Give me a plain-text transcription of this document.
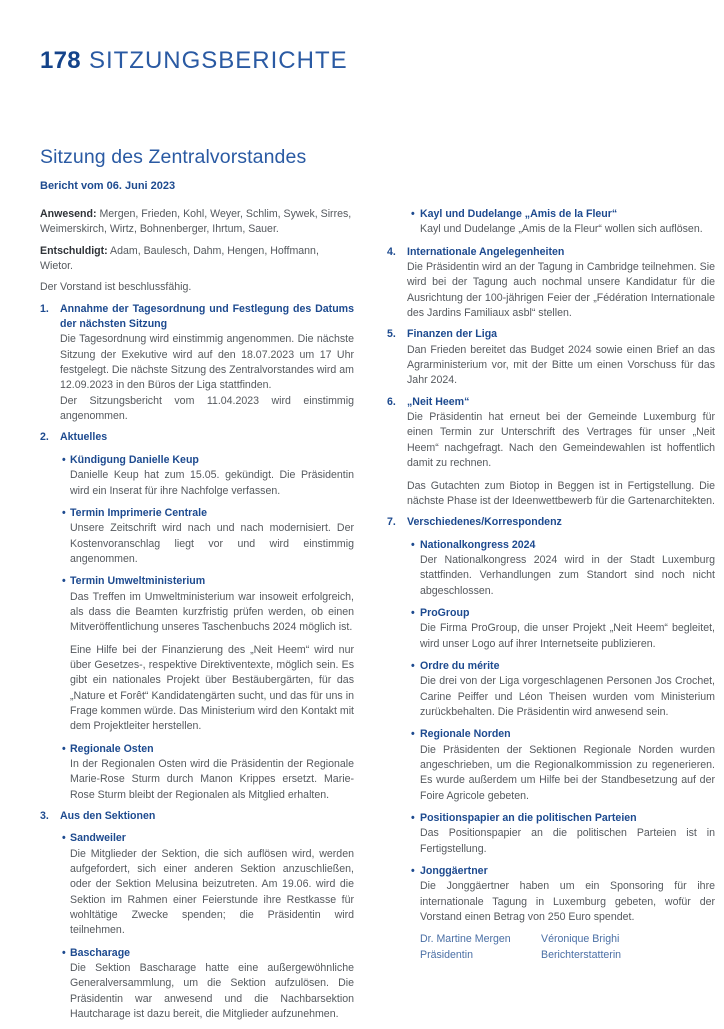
178 SITZUNGSBERICHTE
Sitzung des Zentralvorstandes
Bericht vom 06. Juni 2023

Anwesend: Mergen, Frieden, Kohl, Weyer, Schlim, Sywek, Sirres, Weimerskirch, Wirtz, Bohnenberger, Ihrtum, Sauer.

Entschuldigt: Adam, Baulesch, Dahm, Hengen, Hoffmann, Wietor.

Der Vorstand ist beschlussfähig.

1.	Annahme der Tagesordnung und Festlegung des Datums der nächsten Sitzung
Die Tagesordnung wird einstimmig angenommen. Die nächste Sitzung der Exekutive wird auf den 18.07.2023 um 17 Uhr festgelegt. Die nächste Sitzung des Zentralvorstandes wird am 12.09.2023 in den Büros der Liga stattfinden.
Der Sitzungsbericht vom 11.04.2023 wird einstimmig angenommen.
2.	Aktuelles
• Kündigung Danielle Keup
Danielle Keup hat zum 15.05. gekündigt. Die Präsidentin wird ein Inserat für ihre Nachfolge verfassen.
• Termin Imprimerie Centrale
Unsere Zeitschrift wird nach und nach modernisiert. Der Kostenvoranschlag liegt vor und wird einstimmig angenommen.
• Termin Umweltministerium
Das Treffen im Umweltministerium war insoweit erfolgreich, als dass die Beamten kurzfristig prüfen werden, ob einen Mitveröffentlichung unseres Taschenbuchs 2024 möglich ist.
Eine Hilfe bei der Finanzierung des „Neit Heem“ wird nur über Gesetzes-, respektive Direktiventexte, möglich sein. Es gibt ein nationales Projekt über Bestäubergärten, für das „Nature et Forêt“ Kandidatengärten sucht, und das für uns in Frage kommen würde. Das Ministerium wird den Kontakt mit dem Projektleiter herstellen.
• Regionale Osten
In der Regionalen Osten wird die Präsidentin der Regionale Marie-Rose Sturm durch Manon Krippes ersetzt. Marie-Rose Sturm bleibt der Regionalen als Mitglied erhalten.
3.	Aus den Sektionen
• Sandweiler
Die Mitglieder der Sektion, die sich auflösen wird, werden aufgefordert, sich einer anderen Sektion anzuschließen, oder der Sektion Melusina beizutreten. Am 19.06. wird die Sektion im Rahmen einer Feierstunde ihre Restkasse für wohltätige Zwecke spenden; die Präsidentin wird teilnehmen.
• Bascharage
Die Sektion Bascharage hatte eine außergewöhnliche Generalversammlung, um die Sektion aufzulösen. Die Präsidentin war anwesend und die Nachbarsektion Hautcharage ist dazu bereit, die Mitglieder aufzunehmen.
• Kayl und Dudelange „Amis de la Fleur“
Kayl und Dudelange „Amis de la Fleur“ wollen sich auflösen.
4.	Internationale Angelegenheiten
Die Präsidentin wird an der Tagung in Cambridge teilnehmen. Sie wird bei der Tagung auch nochmal unsere Kandidatur für die Ausrichtung der 100-jährigen Feier der „Fédération Internationale des Jardins Familiaux asbl“ stellen.
5.	Finanzen der Liga
Dan Frieden bereitet das Budget 2024 sowie einen Brief an das Agrarministerium vor, mit der Bitte um einen Vorschuss für das Jahr 2024.
6.	„Neit Heem“
Die Präsidentin hat erneut bei der Gemeinde Luxemburg für einen Termin zur Unterschrift des Vertrages für unser „Neit Heem“ nachgefragt. Nach den Gemeindewahlen ist hoffentlich damit zu rechnen.
Das Gutachten zum Biotop in Beggen ist in Fertigstellung. Die nächste Phase ist der Ideenwettbewerb für die Gartenarchitekten.
7.	Verschiedenes/Korrespondenz
• Nationalkongress 2024
Der Nationalkongress 2024 wird in der Stadt Luxemburg stattfinden. Verhandlungen zum Standort sind noch nicht abgeschlossen.
• ProGroup
Die Firma ProGroup, die unser Projekt „Neit Heem“ begleitet, wird unser Logo auf ihrer Internetseite publizieren.
• Ordre du mérite
Die drei von der Liga vorgeschlagenen Personen Jos Crochet, Carine Peiffer und Léon Theisen wurden vom Ministerium zurückbehalten. Die Präsidentin wird anwesend sein.
• Regionale Norden
Die Präsidenten der Sektionen Regionale Norden wurden angeschrieben, um die Regionalkommission zu regenerieren. Es wurde außerdem um Hilfe bei der Standbesetzung auf der Foire Agricole gebeten.
• Positionspapier an die politischen Parteien
Das Positionspapier an die politischen Parteien ist in Fertigstellung.
• Jonggäertner
Die Jonggäertner haben um ein Sponsoring für ihre internationale Tagung in Luxemburg gebeten, wofür der Vorstand einen Betrag von 250 Euro spendet.
Dr. Martine Mergen
Präsidentin
Véronique Brighi
Berichterstatterin
